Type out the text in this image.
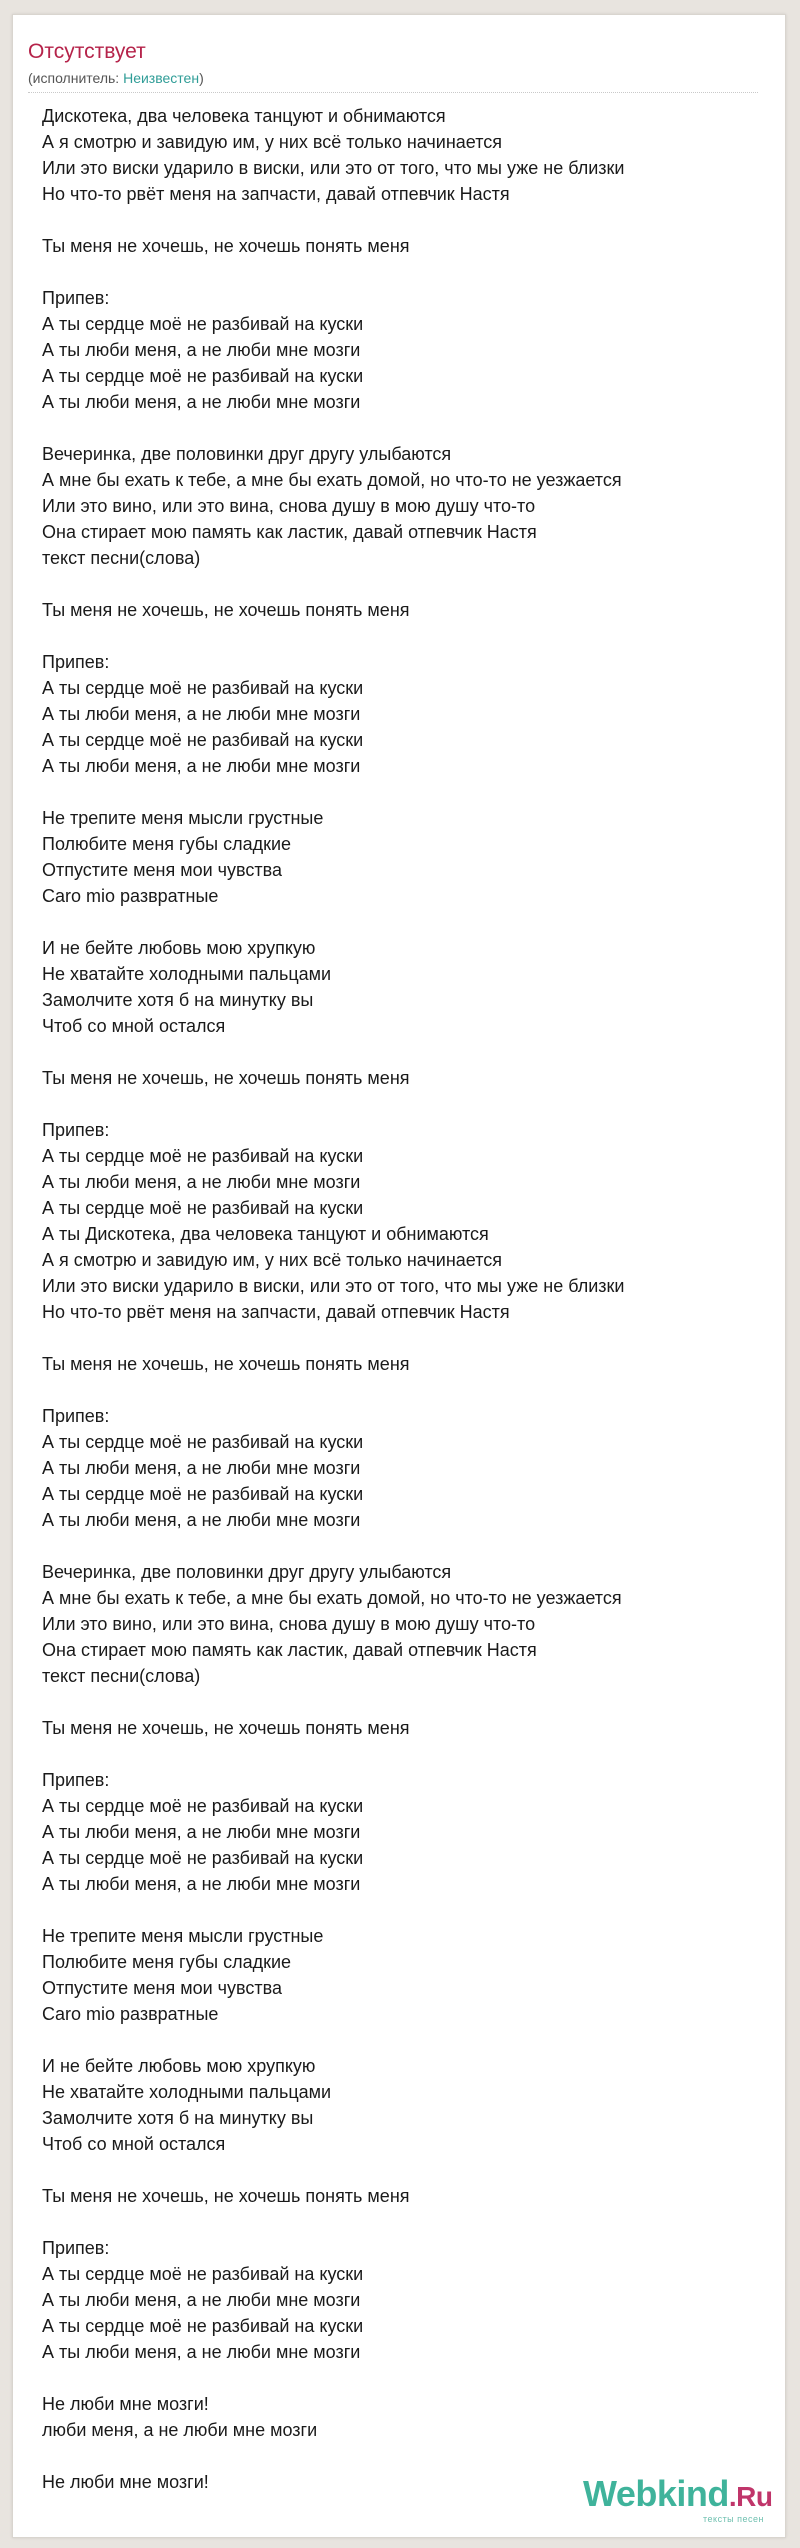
Отсутствует
(исполнитель: Неизвестен)
Дискотека, два человека танцуют и обнимаются
А я смотрю и завидую им, у них всё только начинается
Или это виски ударило в виски, или это от того, что мы уже не близки
Но что-то рвёт меня на запчасти, давай отпевчик Настя
Ты меня не хочешь, не хочешь понять меня
Припев:
А ты сердце моё не разбивай на куски
А ты люби меня, а не люби мне мозги
А ты сердце моё не разбивай на куски
А ты люби меня, а не люби мне мозги
Вечеринка, две половинки друг другу улыбаются
А мне бы ехать к тебе, а мне бы ехать домой, но что-то не уезжается
Или это вино, или это вина, снова душу в мою душу что-то
Она стирает мою память как ластик, давай отпевчик Настя
текст песни(слова)
Ты меня не хочешь, не хочешь понять меня
Припев:
А ты сердце моё не разбивай на куски
А ты люби меня, а не люби мне мозги
А ты сердце моё не разбивай на куски
А ты люби меня, а не люби мне мозги
Не трепите меня мысли грустные
Полюбите меня губы сладкие
Отпустите меня мои чувства
Caro mio развратные
И не бейте любовь мою хрупкую
Не хватайте холодными пальцами
Замолчите хотя б на минутку вы
Чтоб со мной остался
Ты меня не хочешь, не хочешь понять меня
Припев:
А ты сердце моё не разбивай на куски
А ты люби меня, а не люби мне мозги
А ты сердце моё не разбивай на куски
А ты Дискотека, два человека танцуют и обнимаются
А я смотрю и завидую им, у них всё только начинается
Или это виски ударило в виски, или это от того, что мы уже не близки
Но что-то рвёт меня на запчасти, давай отпевчик Настя
Ты меня не хочешь, не хочешь понять меня
Припев:
А ты сердце моё не разбивай на куски
А ты люби меня, а не люби мне мозги
А ты сердце моё не разбивай на куски
А ты люби меня, а не люби мне мозги
Вечеринка, две половинки друг другу улыбаются
А мне бы ехать к тебе, а мне бы ехать домой, но что-то не уезжается
Или это вино, или это вина, снова душу в мою душу что-то
Она стирает мою память как ластик, давай отпевчик Настя
текст песни(слова)
Ты меня не хочешь, не хочешь понять меня
Припев:
А ты сердце моё не разбивай на куски
А ты люби меня, а не люби мне мозги
А ты сердце моё не разбивай на куски
А ты люби меня, а не люби мне мозги
Не трепите меня мысли грустные
Полюбите меня губы сладкие
Отпустите меня мои чувства
Caro mio развратные
И не бейте любовь мою хрупкую
Не хватайте холодными пальцами
Замолчите хотя б на минутку вы
Чтоб со мной остался
Ты меня не хочешь, не хочешь понять меня
Припев:
А ты сердце моё не разбивай на куски
А ты люби меня, а не люби мне мозги
А ты сердце моё не разбивай на куски
А ты люби меня, а не люби мне мозги
Не люби мне мозги!
люби меня, а не люби мне мозги
Не люби мне мозги!	Webkind.Ru
тексты песен
